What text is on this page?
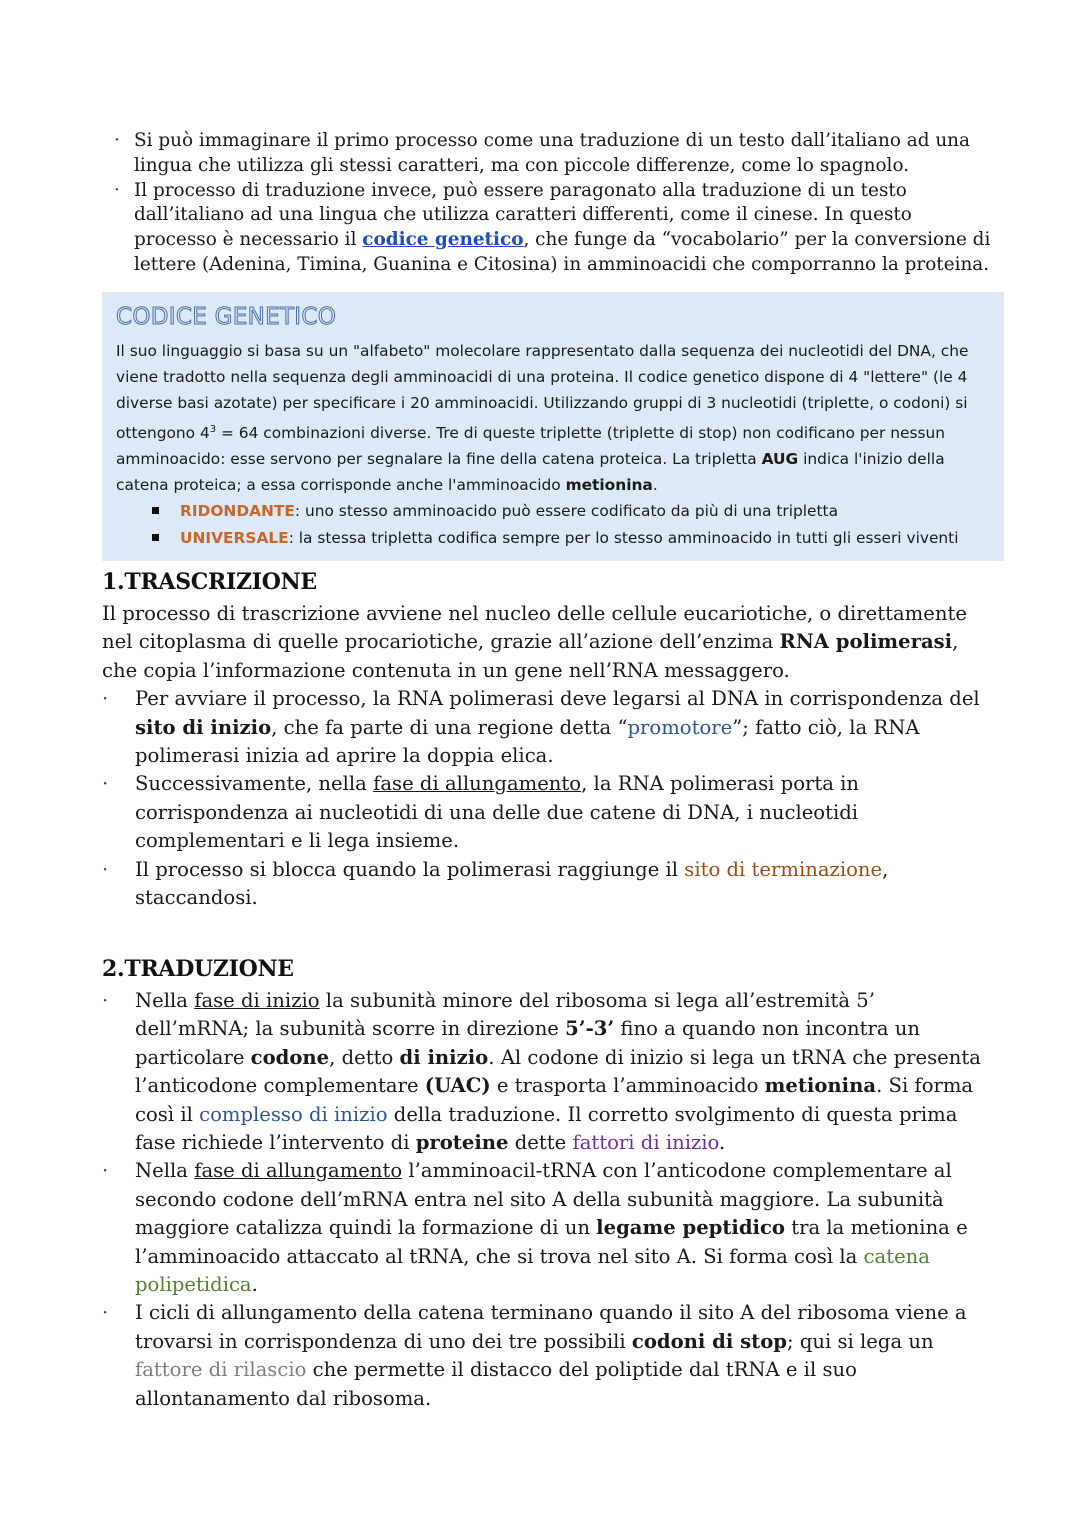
· Si può immaginare il primo processo come una traduzione di un testo dall’italiano ad una lingua che utilizza gli stessi caratteri, ma con piccole differenze, come lo spagnolo.
· Il processo di traduzione invece, può essere paragonato alla traduzione di un testo dall’italiano ad una lingua che utilizza caratteri differenti, come il cinese. In questo processo è necessario il codice genetico, che funge da “vocabolario” per la conversione di lettere (Adenina, Timina, Guanina e Citosina) in amminoacidi che comporranno la proteina.
CODICE GENETICO

Il suo linguaggio si basa su un "alfabeto" molecolare rappresentato dalla sequenza dei nucleotidi del DNA, che viene tradotto nella sequenza degli amminoacidi di una proteina. Il codice genetico dispone di 4 "lettere" (le 4 diverse basi azotate) per specificare i 20 amminoacidi. Utilizzando gruppi di 3 nucleotidi (triplette, o codoni) si ottengono $4^3 = 64$ combinazioni diverse. Tre di queste triplette (triplette di stop) non codificano per nessun amminoacido: esse servono per segnalare la fine della catena proteica. La tripletta AUG indica l'inizio della catena proteica; a essa corrisponde anche l'amminoacido metionina.

RIDONDANTE: uno stesso amminoacido può essere codificato da più di una tripletta
UNIVERSALE: la stessa tripletta codifica sempre per lo stesso amminoacido in tutti gli esseri viventi
1.TRASCRIZIONE

Il processo di trascrizione avviene nel nucleo delle cellule eucariotiche, o direttamente nel citoplasma di quelle procariotiche, grazie all’azione dell’enzima RNA polimerasi, che copia l’informazione contenuta in un gene nell’RNA messaggero.

· Per avviare il processo, la RNA polimerasi deve legarsi al DNA in corrispondenza del sito di inizio, che fa parte di una regione detta “promotore”; fatto ciò, la RNA polimerasi inizia ad aprire la doppia elica.
· Successivamente, nella fase di allungamento, la RNA polimerasi porta in corrispondenza ai nucleotidi di una delle due catene di DNA, i nucleotidi complementari e li lega insieme.
· Il processo si blocca quando la polimerasi raggiunge il sito di terminazione, staccandosi.
2.TRADUZIONE
· Nella fase di inizio la subunità minore del ribosoma si lega all’estremità 5’ dell’mRNA; la subunità scorre in direzione 5’-3’ fino a quando non incontra un particolare codone, detto di inizio. Al codone di inizio si lega un tRNA che presenta l’anticodone complementare (UAC) e trasporta l’amminoacido metionina. Si forma così il complesso di inizio della traduzione. Il corretto svolgimento di questa prima fase richiede l’intervento di proteine dette fattori di inizio.
· Nella fase di allungamento l’amminoacil-tRNA con l’anticodone complementare al secondo codone dell’mRNA entra nel sito A della subunità maggiore. La subunità maggiore catalizza quindi la formazione di un legame peptidico tra la metionina e l’amminoacido attaccato al tRNA, che si trova nel sito A. Si forma così la catena polipetidica.
· I cicli di allungamento della catena terminano quando il sito A del ribosoma viene a trovarsi in corrispondenza di uno dei tre possibili codoni di stop; qui si lega un fattore di rilascio che permette il distacco del poliptide dal tRNA e il suo allontanamento dal ribosoma.
